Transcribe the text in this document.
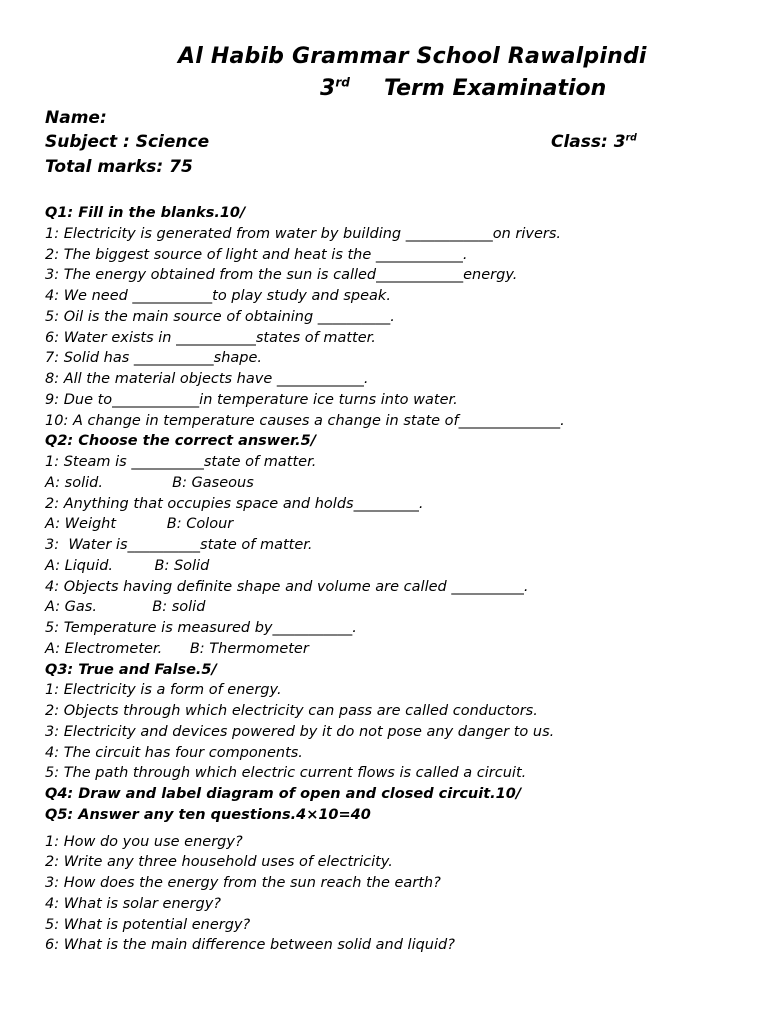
Al Habib Grammar School Rawalpindi
3rd Term Examination
Name:
Subject : Science	Class: 3rd
Total marks: 75
Q1: Fill in the blanks.10/
1: Electricity is generated from water by building ____________on rivers.
2: The biggest source of light and heat is the ____________.
3: The energy obtained from the sun is called____________energy.
4: We need ___________to play study and speak.
5: Oil is the main source of obtaining __________.
6: Water exists in ___________states of matter.
7: Solid has ___________shape.
8: All the material objects have ____________.
9: Due to____________in temperature ice turns into water.
10: A change in temperature causes a change in state of______________.
Q2: Choose the correct answer.5/
1: Steam is __________state of matter.
A: solid.               B: Gaseous
2: Anything that occupies space and holds_________.
A: Weight           B: Colour
3:  Water is__________state of matter.
A: Liquid.         B: Solid
4: Objects having definite shape and volume are called __________.
A: Gas.            B: solid
5: Temperature is measured by___________.
A: Electrometer.      B: Thermometer
Q3: True and False.5/
1: Electricity is a form of energy.
2: Objects through which electricity can pass are called conductors.
3: Electricity and devices powered by it do not pose any danger to us.
4: The circuit has four components.
5: The path through which electric current flows is called a circuit.
Q4: Draw and label diagram of open and closed circuit.10/
Q5: Answer any ten questions.4×10=40
1: How do you use energy?
2: Write any three household uses of electricity.
3: How does the energy from the sun reach the earth?
4: What is solar energy?
5: What is potential energy?
6: What is the main difference between solid and liquid?
